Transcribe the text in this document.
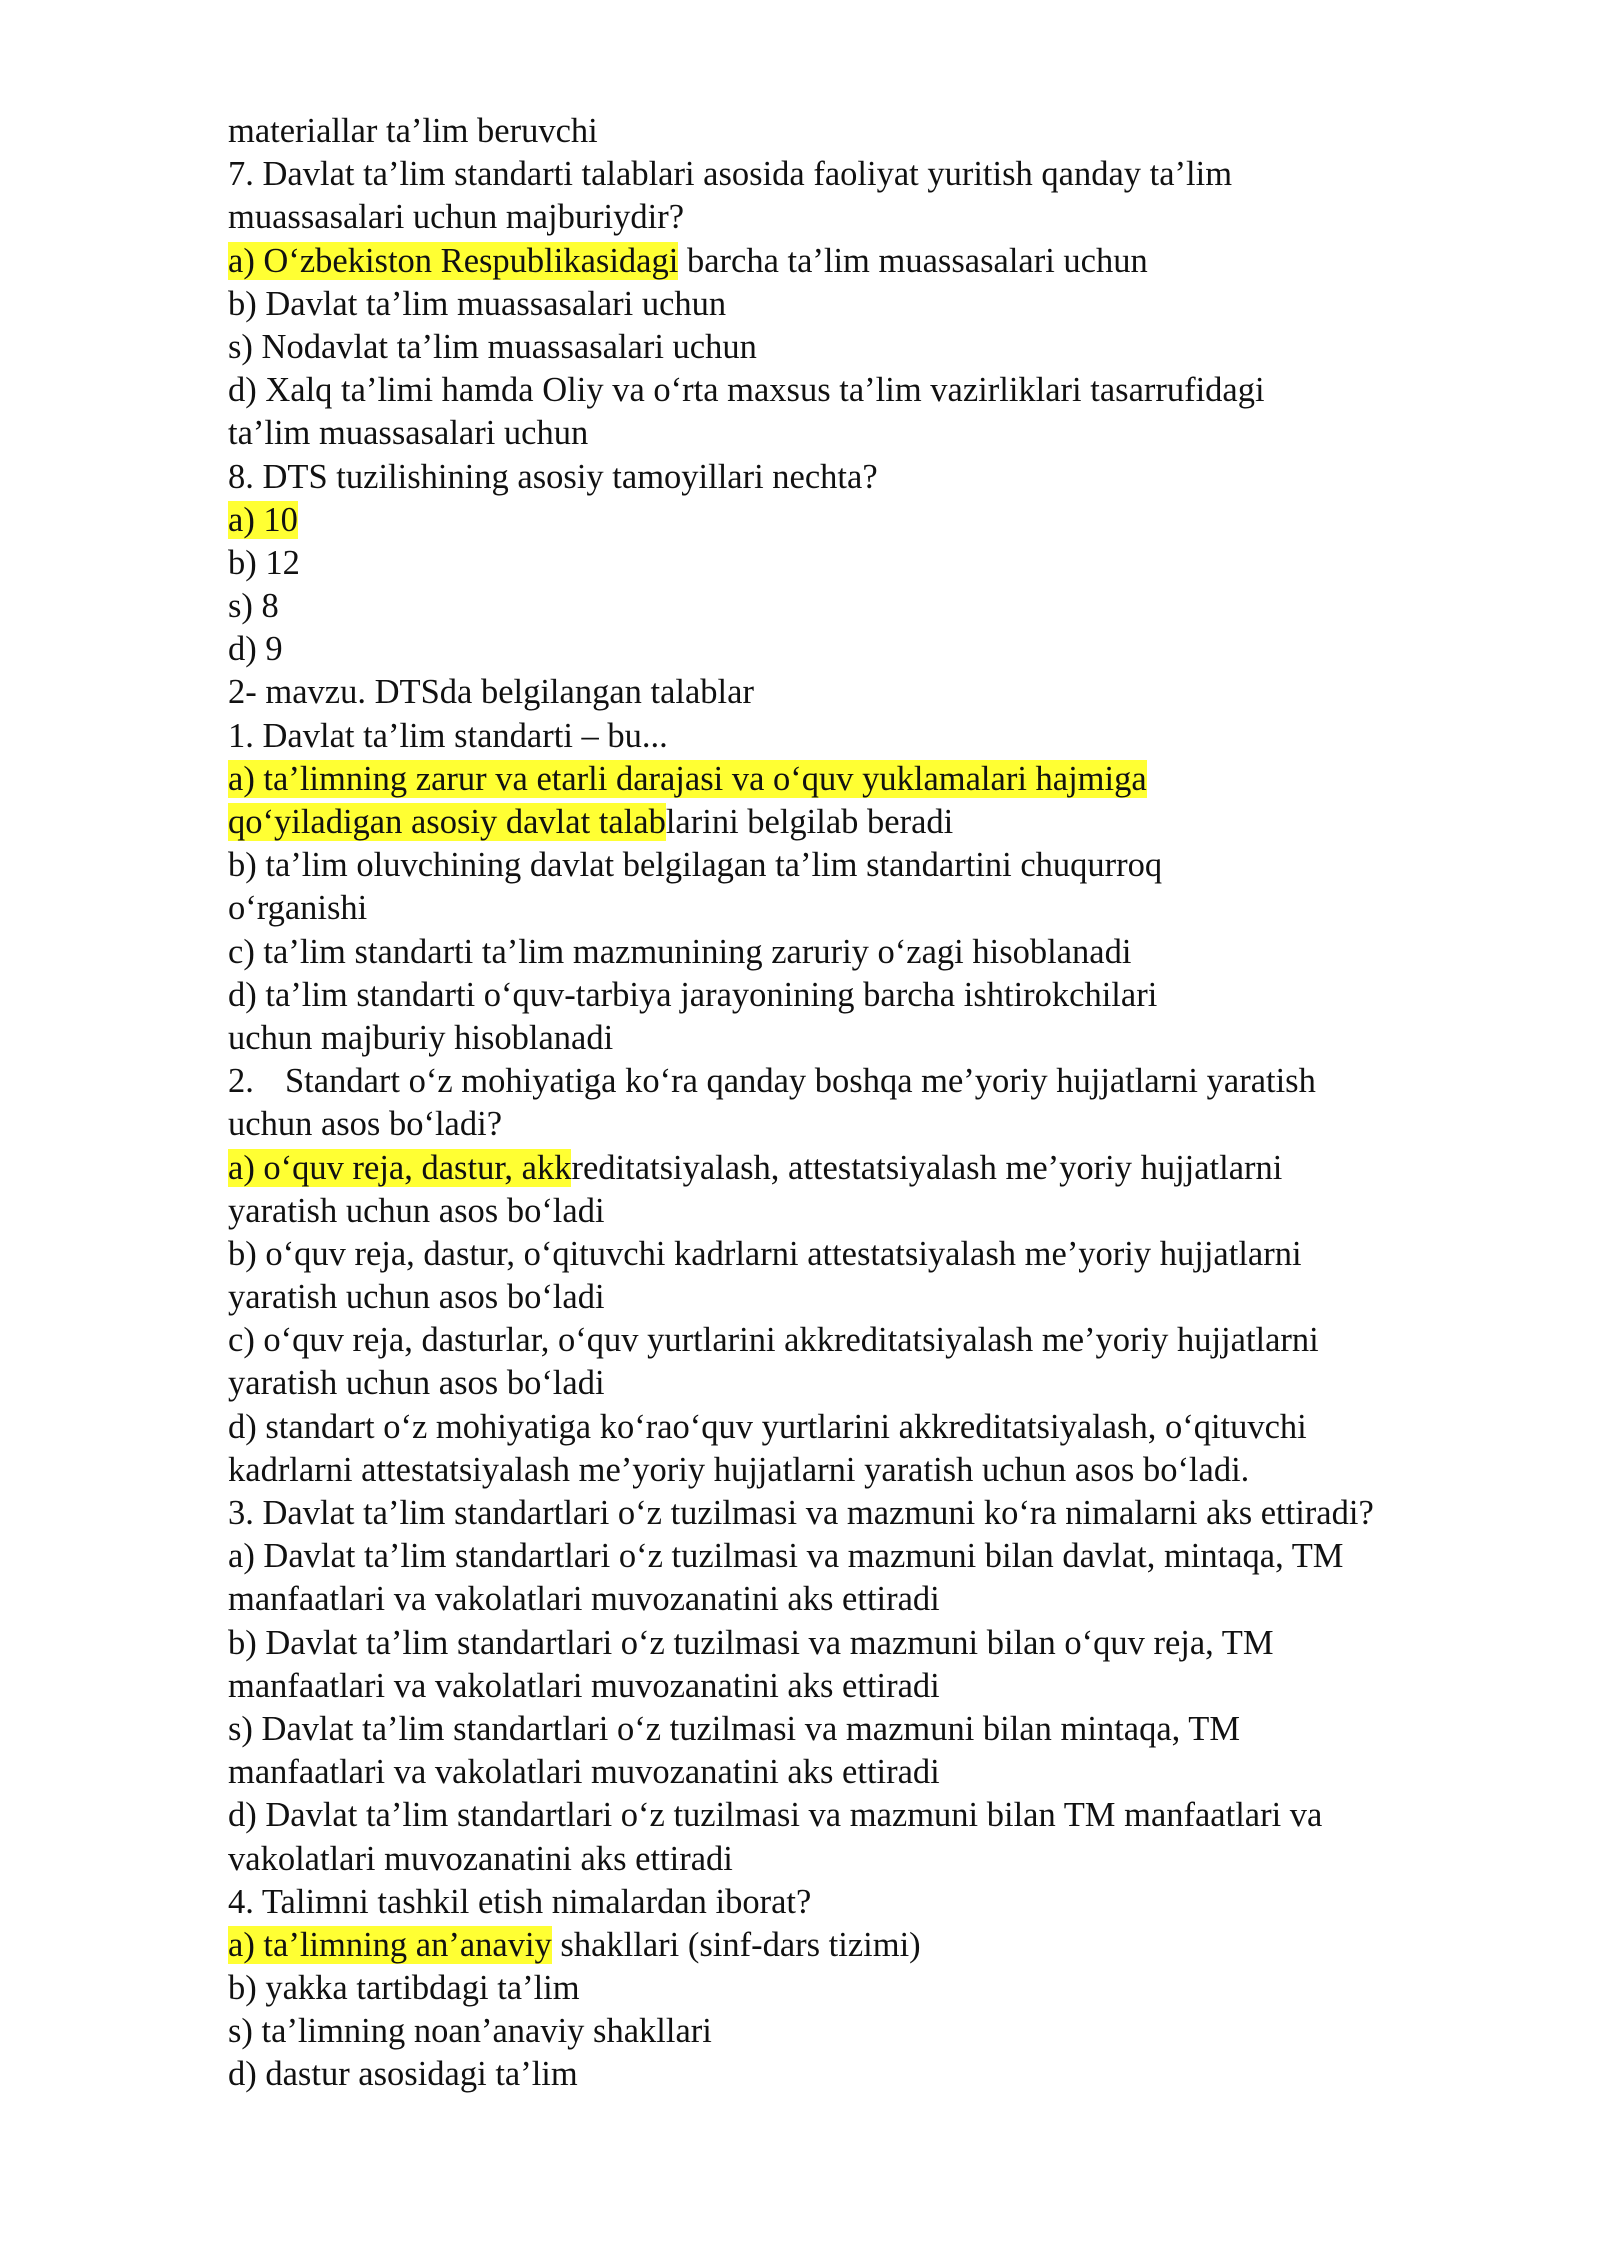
materiallar ta’lim beruvchi
7. Davlat ta’lim standarti talablari asosida faoliyat yuritish qanday ta’lim
muassasalari uchun majburiydir?
a) O‘zbekiston Respublikasidagi barcha ta’lim muassasalari uchun
b) Davlat ta’lim muassasalari uchun
s) Nodavlat ta’lim muassasalari uchun
d) Xalq ta’limi hamda Oliy va o‘rta maxsus ta’lim vazirliklari tasarrufidagi
ta’lim muassasalari uchun
8. DTS tuzilishining asosiy tamoyillari nechta?
a) 10
b) 12
s) 8
d) 9
2- mavzu. DTSda belgilangan talablar
1. Davlat ta’lim standarti – bu...
a) ta’limning zarur va etarli darajasi va o‘quv yuklamalari hajmiga
qo‘yiladigan asosiy davlat talablarini belgilab beradi
b) ta’lim oluvchining davlat belgilagan ta’lim standartini chuqurroq
o‘rganishi
c) ta’lim standarti ta’lim mazmunining zaruriy o‘zagi hisoblanadi
d) ta’lim standarti o‘quv-tarbiya jarayonining barcha ishtirokchilari
uchun majburiy hisoblanadi
2. Standart o‘z mohiyatiga ko‘ra qanday boshqa me’yoriy hujjatlarni yaratish
uchun asos bo‘ladi?
a) o‘quv reja, dastur, akkreditatsiyalash, attestatsiyalash me’yoriy hujjatlarni
yaratish uchun asos bo‘ladi
b) o‘quv reja, dastur, o‘qituvchi kadrlarni attestatsiyalash me’yoriy hujjatlarni
yaratish uchun asos bo‘ladi
c) o‘quv reja, dasturlar, o‘quv yurtlarini akkreditatsiyalash me’yoriy hujjatlarni
yaratish uchun asos bo‘ladi
d) standart o‘z mohiyatiga ko‘rao‘quv yurtlarini akkreditatsiyalash, o‘qituvchi
kadrlarni attestatsiyalash me’yoriy hujjatlarni yaratish uchun asos bo‘ladi.
3. Davlat ta’lim standartlari o‘z tuzilmasi va mazmuni ko‘ra nimalarni aks ettiradi?
a) Davlat ta’lim standartlari o‘z tuzilmasi va mazmuni bilan davlat, mintaqa, TM
manfaatlari va vakolatlari muvozanatini aks ettiradi
b) Davlat ta’lim standartlari o‘z tuzilmasi va mazmuni bilan o‘quv reja, TM
manfaatlari va vakolatlari muvozanatini aks ettiradi
s) Davlat ta’lim standartlari o‘z tuzilmasi va mazmuni bilan mintaqa, TM
manfaatlari va vakolatlari muvozanatini aks ettiradi
d) Davlat ta’lim standartlari o‘z tuzilmasi va mazmuni bilan TM manfaatlari va
vakolatlari muvozanatini aks ettiradi
4. Talimni tashkil etish nimalardan iborat?
a) ta’limning an’anaviy shakllari (sinf-dars tizimi)
b) yakka tartibdagi ta’lim
s) ta’limning noan’anaviy shakllari
d) dastur asosidagi ta’lim
